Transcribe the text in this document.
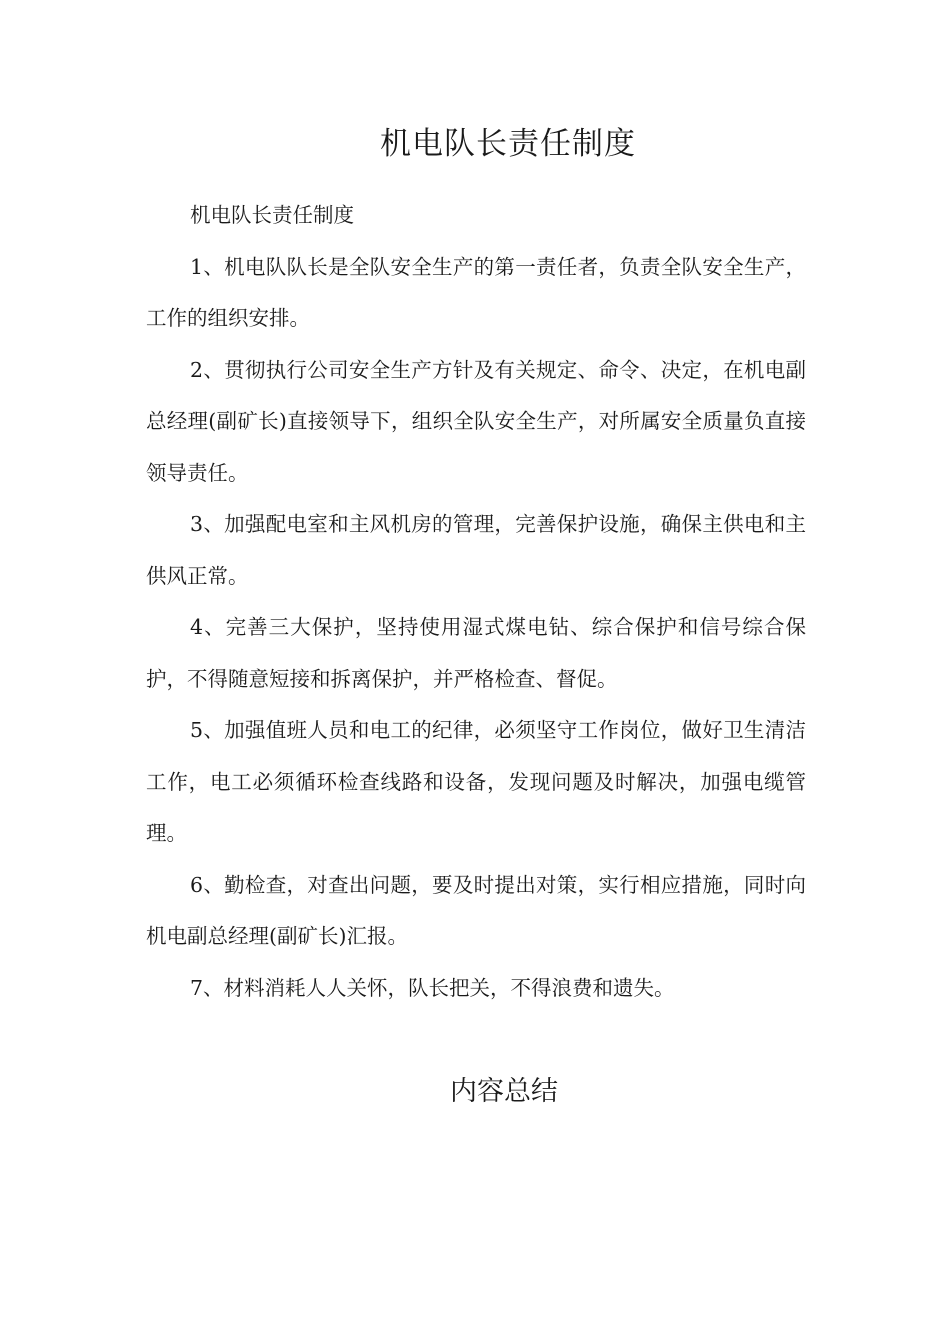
机电队长责任制度

机电队长责任制度

1、机电队队长是全队安全生产的第一责任者，负责全队安全生产，工作的组织安排。

2、贯彻执行公司安全生产方针及有关规定、命令、决定，在机电副总经理(副矿长)直接领导下，组织全队安全生产，对所属安全质量负直接领导责任。

3、加强配电室和主风机房的管理，完善保护设施，确保主供电和主供风正常。

4、完善三大保护，坚持使用湿式煤电钻、综合保护和信号综合保护，不得随意短接和拆离保护，并严格检查、督促。

5、加强值班人员和电工的纪律，必须坚守工作岗位，做好卫生清洁工作，电工必须循环检查线路和设备，发现问题及时解决，加强电缆管理。

6、勤检查，对查出问题，要及时提出对策，实行相应措施，同时向机电副总经理(副矿长)汇报。

7、材料消耗人人关怀，队长把关，不得浪费和遗失。

内容总结
